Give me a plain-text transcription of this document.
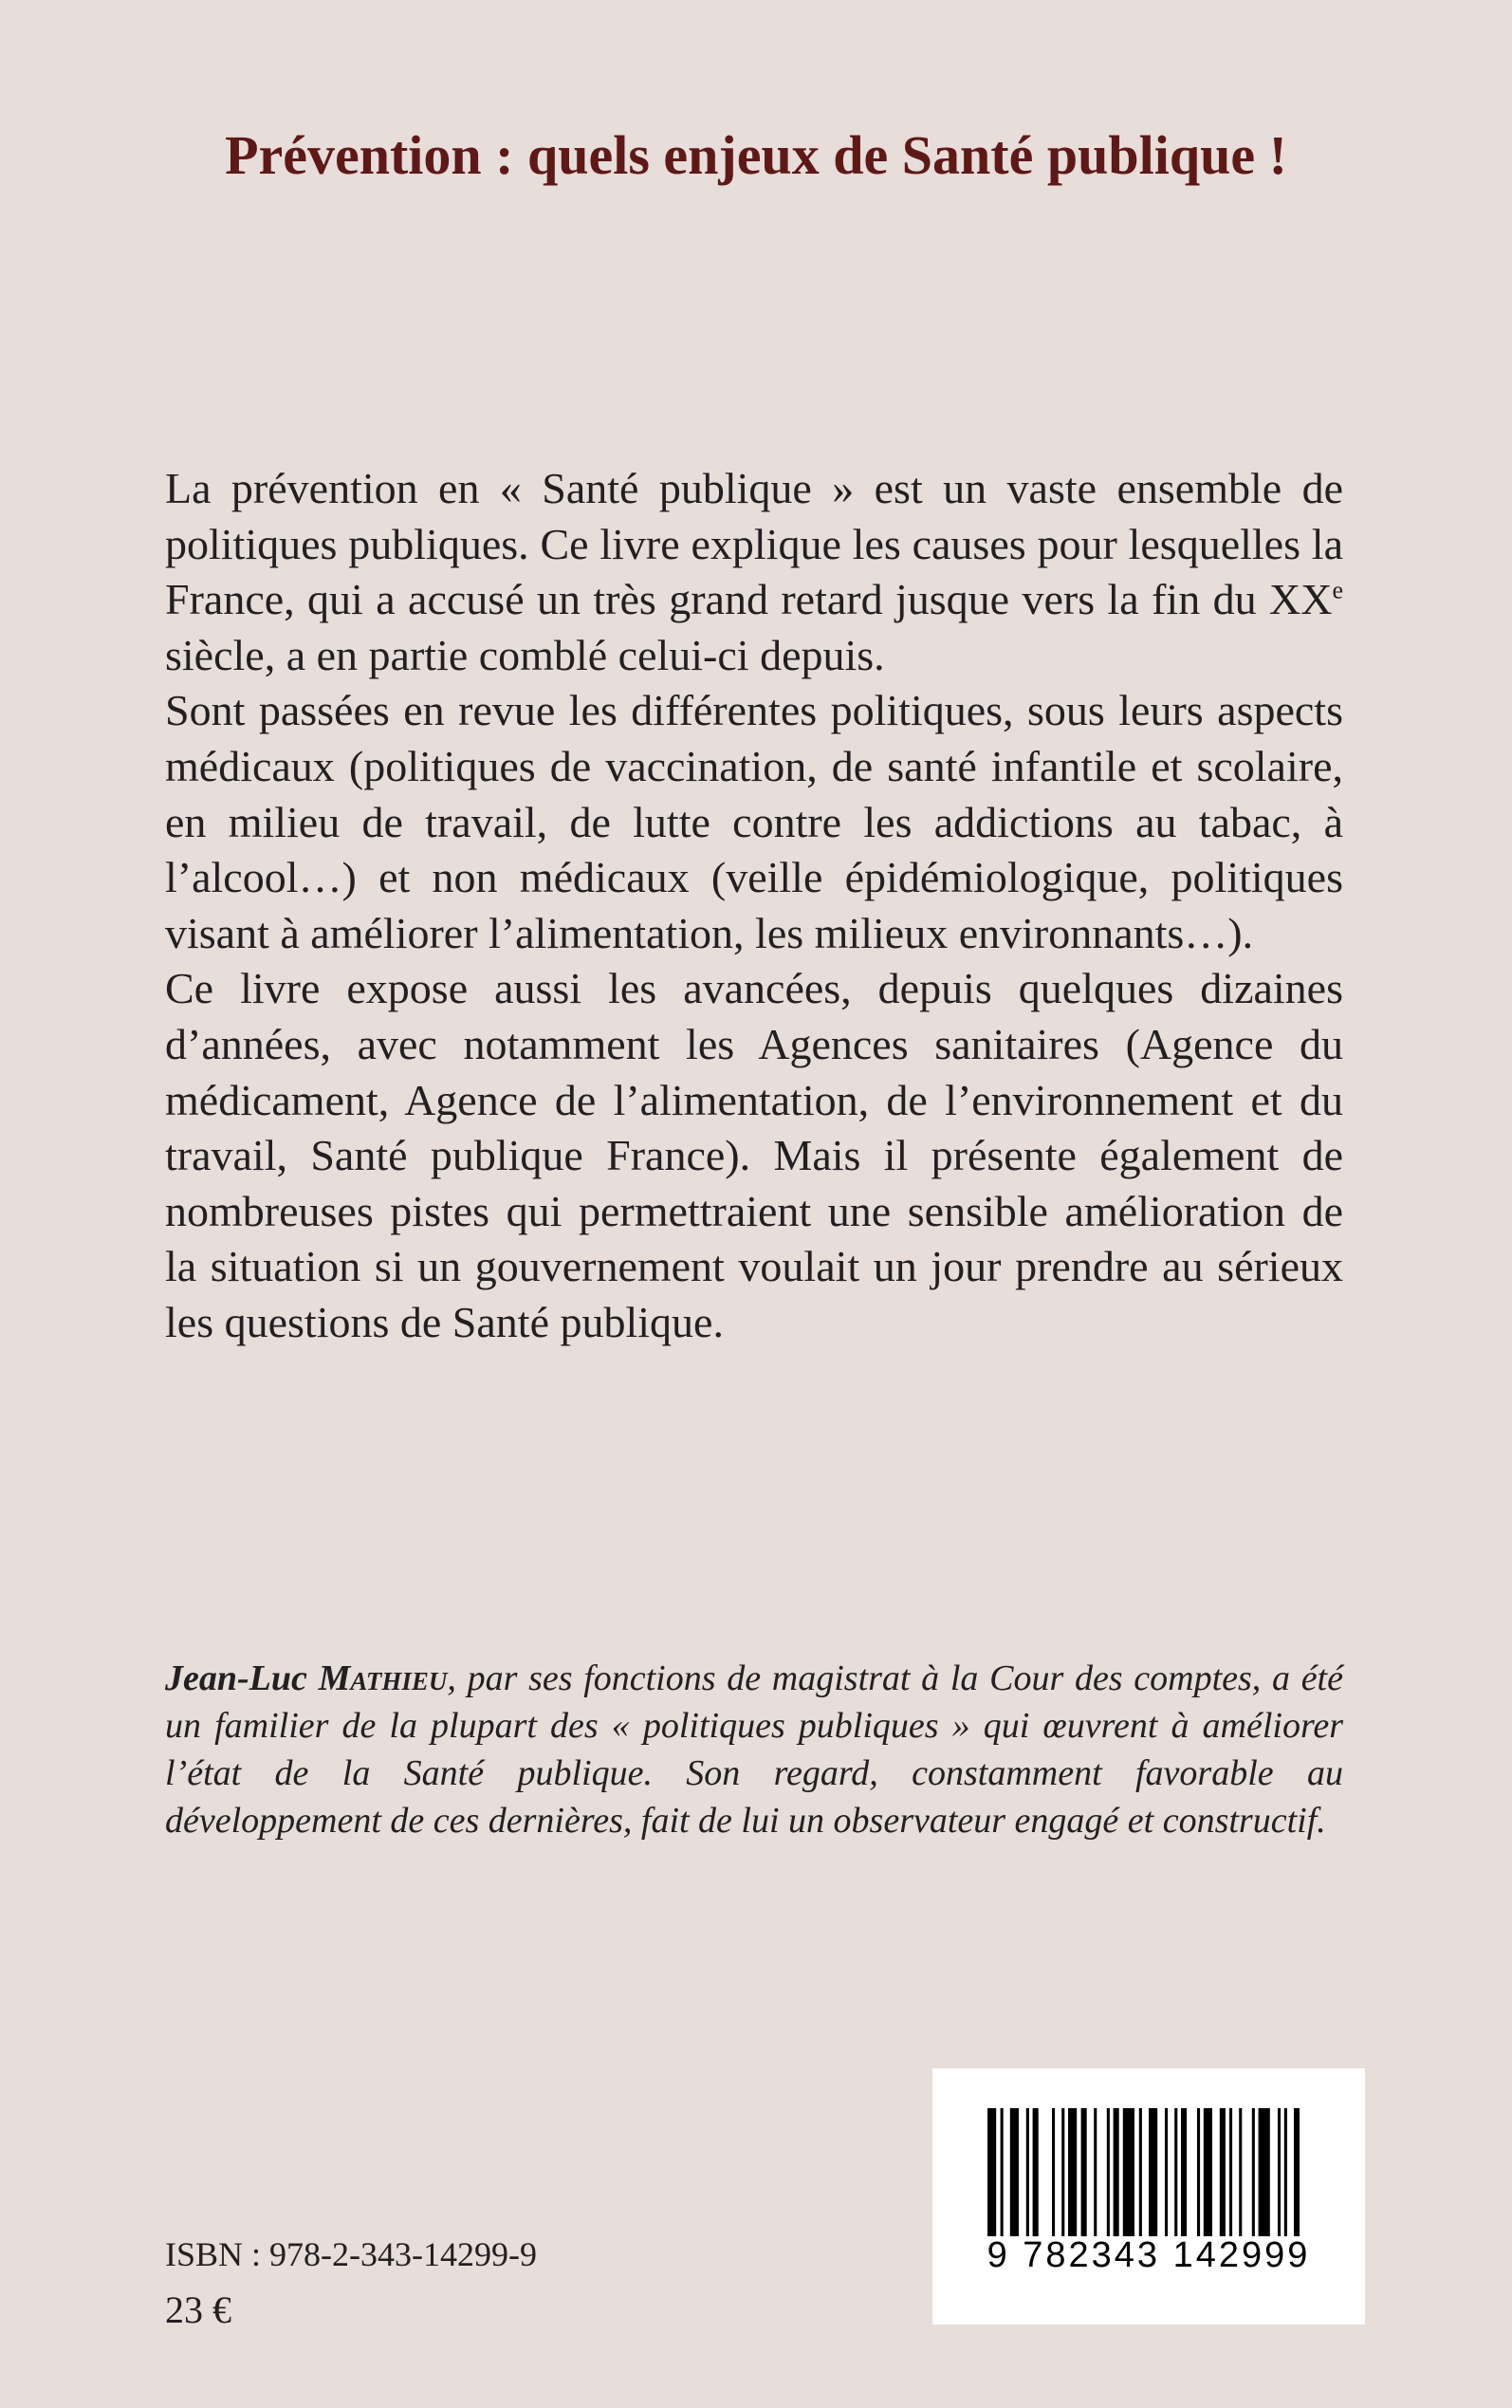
Prévention : quels enjeux de Santé publique !

La prévention en « Santé publique » est un vaste ensemble de politiques publiques. Ce livre explique les causes pour lesquelles la France, qui a accusé un très grand retard jusque vers la fin du XXe siècle, a en partie comblé celui-ci depuis.

Sont passées en revue les différentes politiques, sous leurs aspects médicaux (politiques de vaccination, de santé infantile et scolaire, en milieu de travail, de lutte contre les addictions au tabac, à l’alcool…) et non médicaux (veille épidémiologique, politiques visant à améliorer l’alimentation, les milieux environnants…).

Ce livre expose aussi les avancées, depuis quelques dizaines d’années, avec notamment les Agences sanitaires (Agence du médicament, Agence de l’alimentation, de l’environnement et du travail, Santé publique France). Mais il présente également de nombreuses pistes qui permettraient une sensible amélioration de la situation si un gouvernement voulait un jour prendre au sérieux les questions de Santé publique.

Jean-Luc Mathieu, par ses fonctions de magistrat à la Cour des comptes, a été un familier de la plupart des « politiques publiques » qui œuvrent à améliorer l’état de la Santé publique. Son regard, constamment favorable au développement de ces dernières, fait de lui un observateur engagé et constructif.

ISBN : 978-2-343-14299-9
23 €
9 782343 142999
